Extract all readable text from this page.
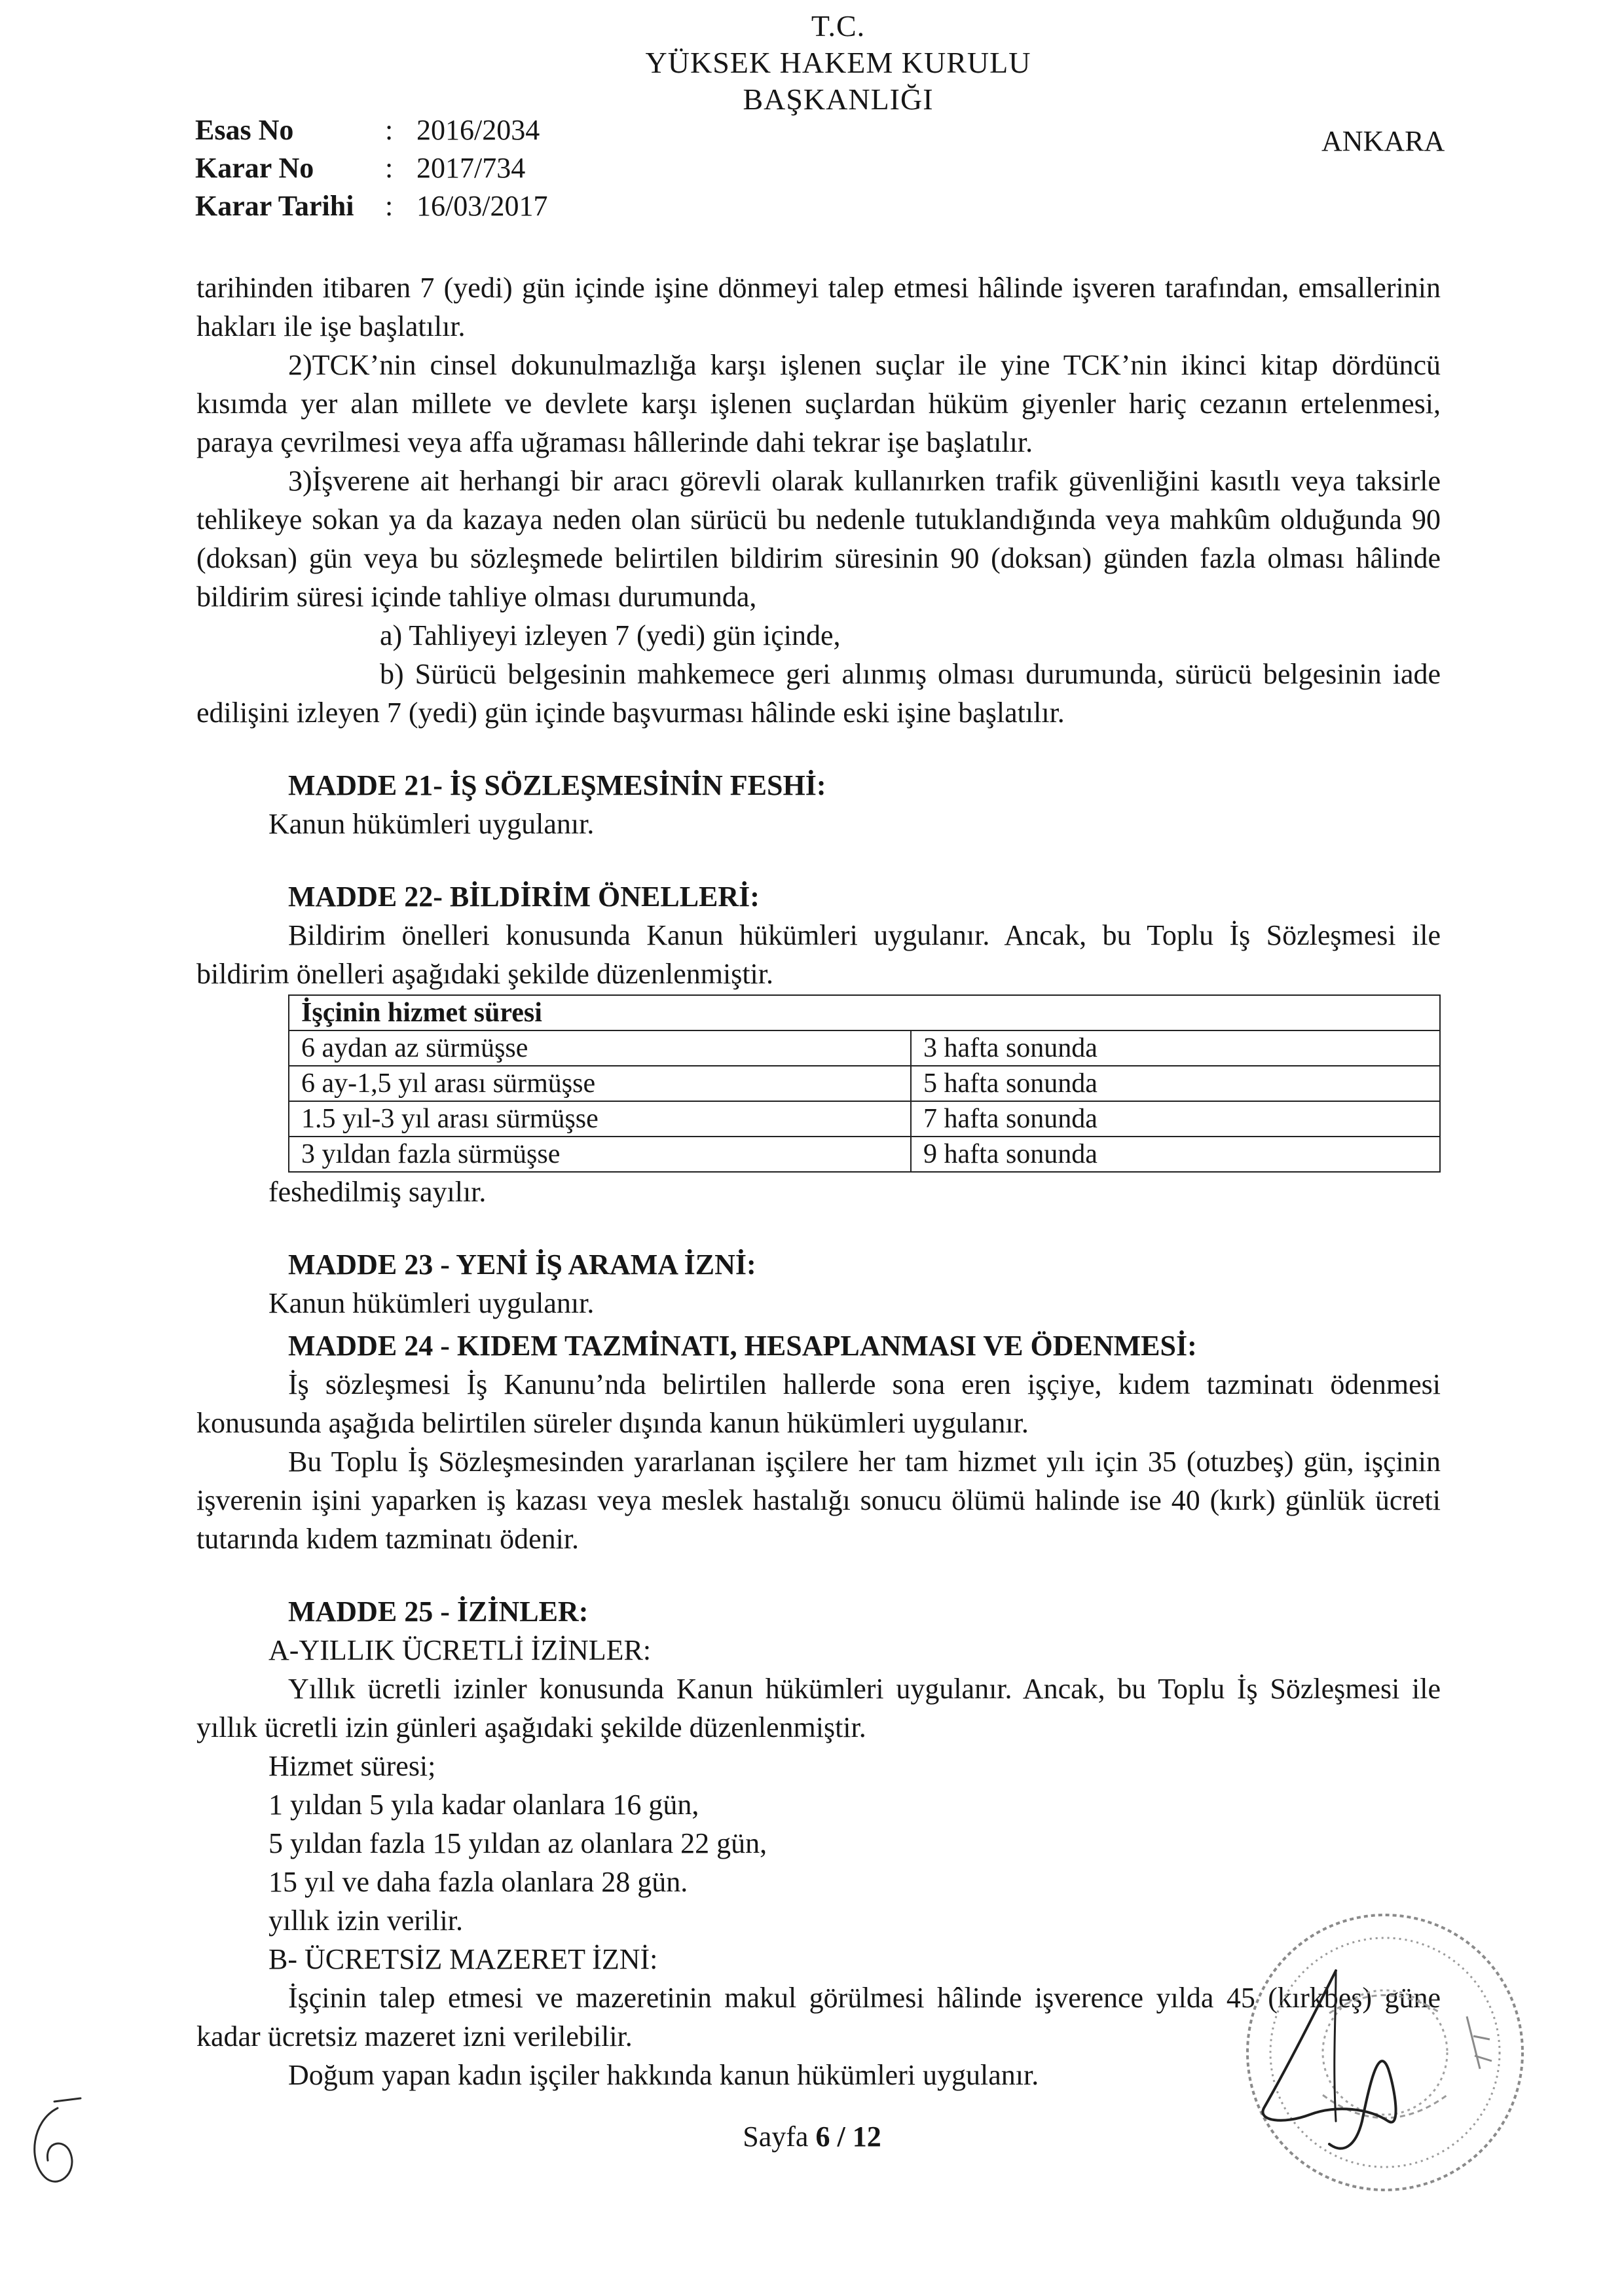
T.C.
YÜKSEK HAKEM KURULU
BAŞKANLIĞI
Esas No	: 2016/2034
Karar No	: 2017/734
Karar Tarihi	: 16/03/2017
ANKARA

tarihinden itibaren 7 (yedi) gün içinde işine dönmeyi talep etmesi hâlinde işveren tarafından, emsallerinin hakları ile işe başlatılır.

2)TCK’nin cinsel dokunulmazlığa karşı işlenen suçlar ile yine TCK’nin ikinci kitap dördüncü kısımda yer alan millete ve devlete karşı işlenen suçlardan hüküm giyenler hariç cezanın ertelenmesi, paraya çevrilmesi veya affa uğraması hâllerinde dahi tekrar işe başlatılır.

3)İşverene ait herhangi bir aracı görevli olarak kullanırken trafik güvenliğini kasıtlı veya taksirle tehlikeye sokan ya da kazaya neden olan sürücü bu nedenle tutuklandığında veya mahkûm olduğunda 90 (doksan) gün veya bu sözleşmede belirtilen bildirim süresinin 90 (doksan) günden fazla olması hâlinde bildirim süresi içinde tahliye olması durumunda,

a) Tahliyeyi izleyen 7 (yedi) gün içinde,

b) Sürücü belgesinin mahkemece geri alınmış olması durumunda, sürücü belgesinin iade edilişini izleyen 7 (yedi) gün içinde başvurması hâlinde eski işine başlatılır.

MADDE 21- İŞ SÖZLEŞMESİNİN FESHİ:

Kanun hükümleri uygulanır.

MADDE 22- BİLDİRİM ÖNELLERİ:

Bildirim önelleri konusunda Kanun hükümleri uygulanır. Ancak, bu Toplu İş Sözleşmesi ile bildirim önelleri aşağıdaki şekilde düzenlenmiştir.

İşçinin hizmet süresi	
6 aydan az sürmüşse	3 hafta sonunda
6 ay-1,5 yıl arası sürmüşse	5 hafta sonunda
1.5 yıl-3 yıl arası sürmüşse	7 hafta sonunda
3 yıldan fazla sürmüşse	9 hafta sonunda

feshedilmiş sayılır.

MADDE 23 - YENİ İŞ ARAMA İZNİ:

Kanun hükümleri uygulanır.

MADDE 24 - KIDEM TAZMİNATI, HESAPLANMASI VE ÖDENMESİ:

İş sözleşmesi İş Kanunu’nda belirtilen hallerde sona eren işçiye, kıdem tazminatı ödenmesi konusunda aşağıda belirtilen süreler dışında kanun hükümleri uygulanır.

Bu Toplu İş Sözleşmesinden yararlanan işçilere her tam hizmet yılı için 35 (otuzbeş) gün, işçinin işverenin işini yaparken iş kazası veya meslek hastalığı sonucu ölümü halinde ise 40 (kırk) günlük ücreti tutarında kıdem tazminatı ödenir.

MADDE 25 - İZİNLER:

A-YILLIK ÜCRETLİ İZİNLER:

Yıllık ücretli izinler konusunda Kanun hükümleri uygulanır. Ancak, bu Toplu İş Sözleşmesi ile yıllık ücretli izin günleri aşağıdaki şekilde düzenlenmiştir.

Hizmet süresi;

1 yıldan 5 yıla kadar olanlara 16 gün,

5 yıldan fazla 15 yıldan az olanlara 22 gün,

15 yıl ve daha fazla olanlara 28 gün.

yıllık izin verilir.

B- ÜCRETSİZ MAZERET İZNİ:

İşçinin talep etmesi ve mazeretinin makul görülmesi hâlinde işverence yılda 45 (kırkbeş) güne kadar ücretsiz mazeret izni verilebilir.

Doğum yapan kadın işçiler hakkında kanun hükümleri uygulanır.

Sayfa 6 / 12
